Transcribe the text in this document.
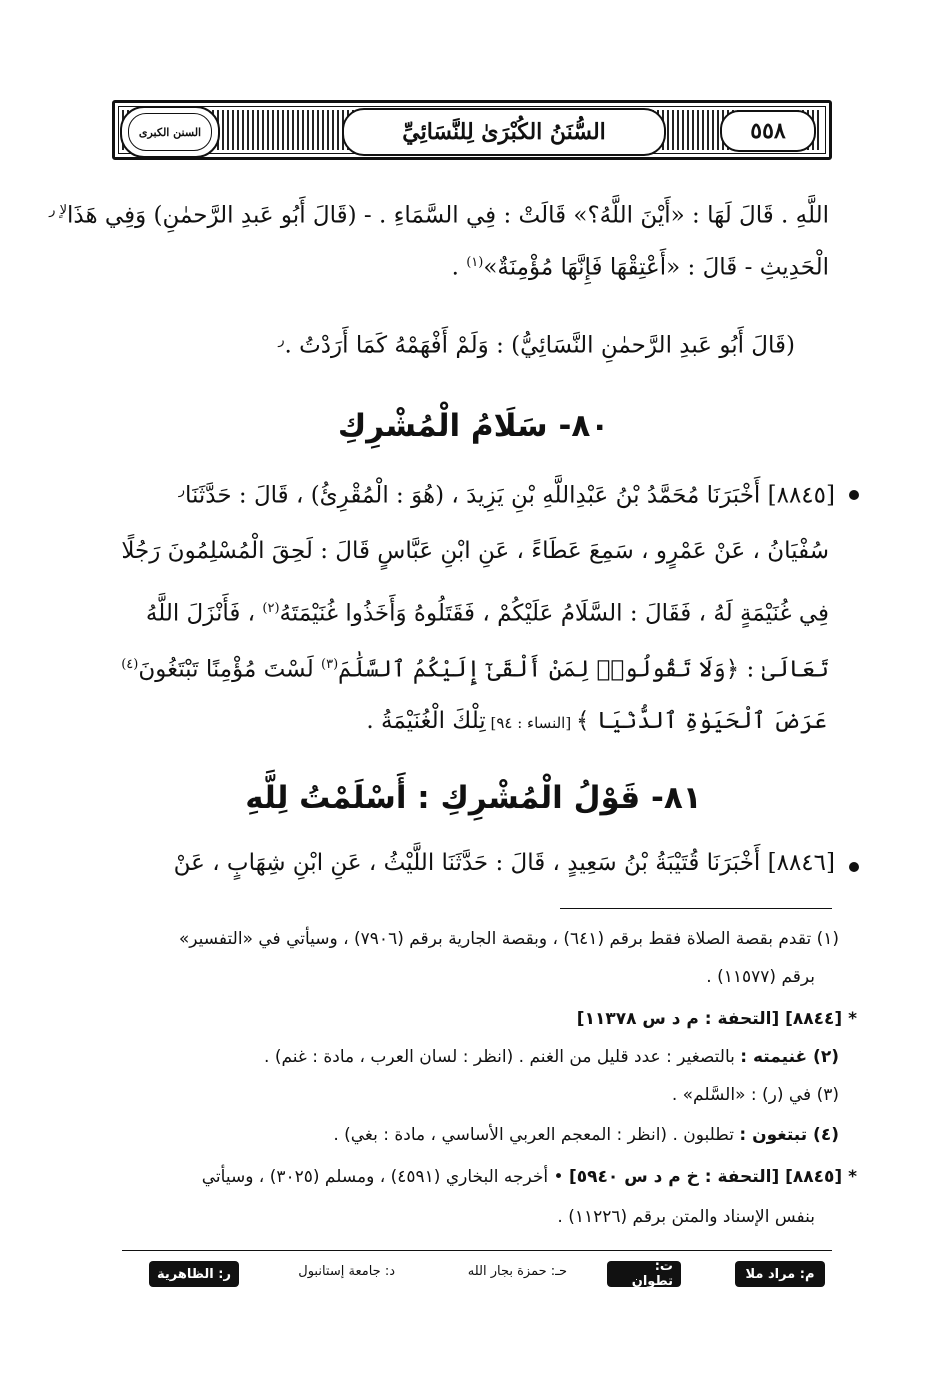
السنن الكبرى	السُّنَنُ الكُبْرَىٰ لِلنَّسَائِيِّ	٥٥٨
اللَّهِ . قَالَ لَهَا : «أَيْنَ اللَّهُ؟» قَالَتْ : فِي السَّمَاءِ . - (قَالَ أَبُو عَبدِ الرَّحمٰنِ) وَفِي هَذَا$^{لاٍ ر}$
الْحَدِيثِ - قَالَ : «أَعْتِقْهَا فَإِنَّهَا مُؤْمِنَةٌ»$^{(١)}$ .
(قَالَ أَبُو عَبدِ الرَّحمٰنِ النَّسَائِيُّ) : وَلَمْ أَفْهَمْهُ كَمَا أَرَدْتُ .$^ر$
٨٠- سَلَامُ الْمُشْرِكِ
[٨٨٤٥] أَخْبَرَنَا مُحَمَّدُ بْنُ عَبْدِاللَّهِ بْنِ يَزِيدَ ، (هُوَ : الْمُقْرِئُ) ، قَالَ : حَدَّثَنَا$^ر$
سُفْيَانُ ، عَنْ عَمْرٍو ، سَمِعَ عَطَاءً ، عَنِ ابْنِ عَبَّاسٍ قَالَ : لَحِقَ الْمُسْلِمُونَ رَجُلًا
فِي غُنَيْمَةٍ لَهُ ، فَقَالَ : السَّلَامُ عَلَيْكُمْ ، فَقَتَلُوهُ وَأَخَذُوا غُنَيْمَتَهُ$^{(٢)}$ ، فَأَنْزَلَ اللَّهُ
تَعَالَىٰ : ﴿وَلَا تَقُولُوا۟ لِمَنْ أَلْقَىٰٓ إِلَيْكُمُ ٱلسَّلَٰمَ$^{(٣)}$ لَسْتَ مُؤْمِنًا تَبْتَغُونَ$^{(٤)}$
عَرَضَ ٱلْحَيَوٰةِ ٱلدُّنْيَا ﴾ [النساء : ٩٤] تِلْكَ الْغُنَيْمَةُ .
٨١- قَوْلُ الْمُشْرِكِ : أَسْلَمْتُ لِلَّهِ
[٨٨٤٦] أَخْبَرَنَا قُتَيْبَةُ بْنُ سَعِيدٍ ، قَالَ : حَدَّثَنَا اللَّيْثُ ، عَنِ ابْنِ شِهَابٍ ، عَنْ
(١) تقدم بقصة الصلاة فقط برقم (٦٤١) ، وبقصة الجارية برقم (٧٩٠٦) ، وسيأتي في «التفسير»
برقم (١١٥٧٧) .
* [٨٨٤٤] [التحفة : م د س ١١٣٧٨]
(٢) غنيمته : بالتصغير : عدد قليل من الغنم . (انظر : لسان العرب ، مادة : غنم) .
(٣) في (ر) : «السَّلم» .
(٤) تبتغون : تطلبون . (انظر : المعجم العربي الأساسي ، مادة : بغي) .
* [٨٨٤٥] [التحفة : خ م د س ٥٩٤٠] • أخرجه البخاري (٤٥٩١) ، ومسلم (٣٠٢٥) ، وسيأتي
بنفس الإسناد والمتن برقم (١١٢٢٦) .
م: مراد ملا
ت: تطوان
حـ: حمزة بجار الله
د: جامعة إستانبول
ر: الظاهرية
